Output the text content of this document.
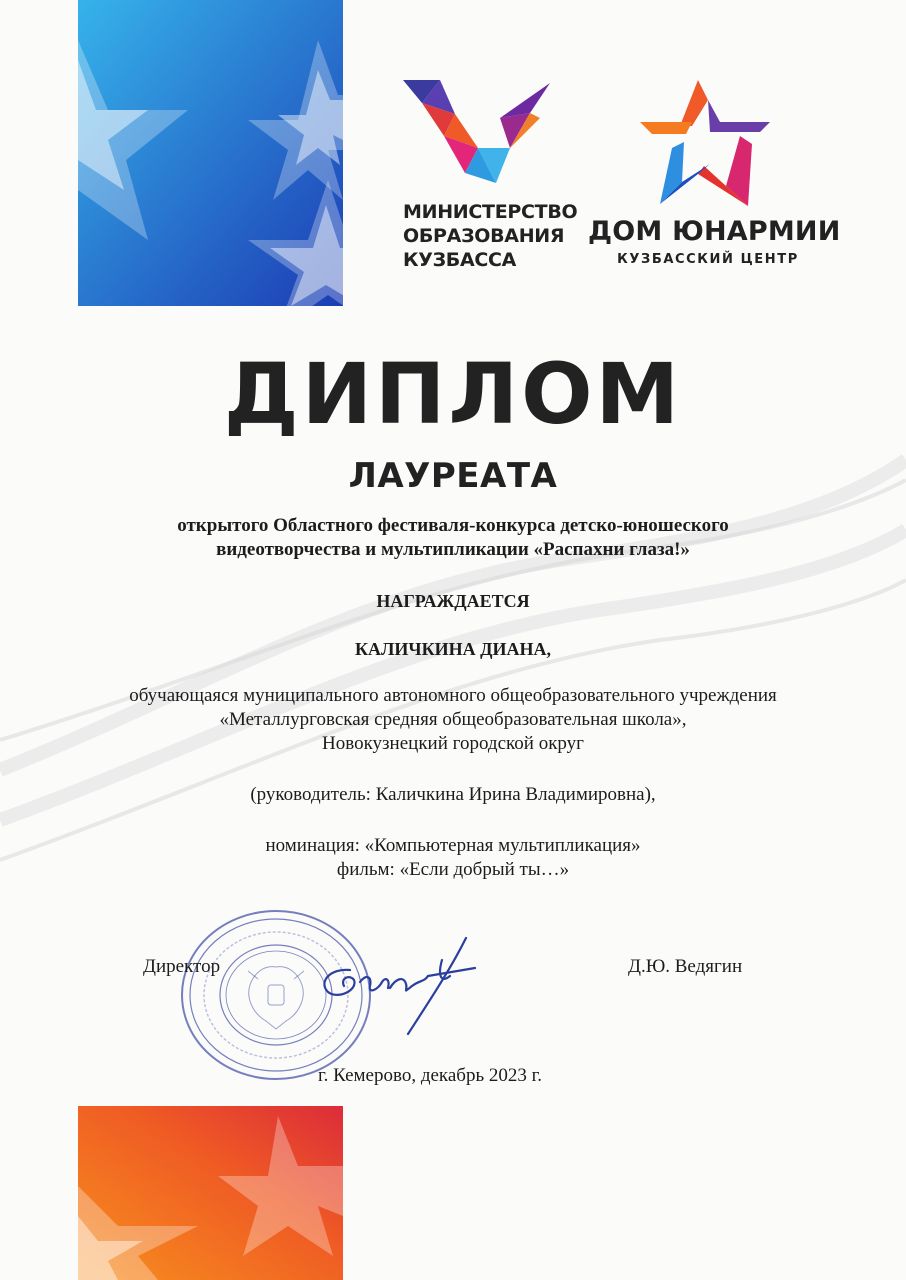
МИНИСТЕРСТВО
ОБРАЗОВАНИЯ
КУЗБАССА
ДОМ ЮНАРМИИ
КУЗБАССКИЙ ЦЕНТР
ДИПЛОМ
ЛАУРЕАТА
открытого Областного фестиваля-конкурса детско-юношеского
видеотворчества и мультипликации «Распахни глаза!»
НАГРАЖДАЕТСЯ
КАЛИЧКИНА ДИАНА,
обучающаяся муниципального автономного общеобразовательного учреждения
«Металлурговская средняя общеобразовательная школа»,
Новокузнецкий городской округ
(руководитель: Каличкина Ирина Владимировна),
номинация: «Компьютерная мультипликация»
фильм: «Если добрый ты…»
Директор	Д.Ю. Ведягин
г. Кемерово, декабрь 2023 г.
